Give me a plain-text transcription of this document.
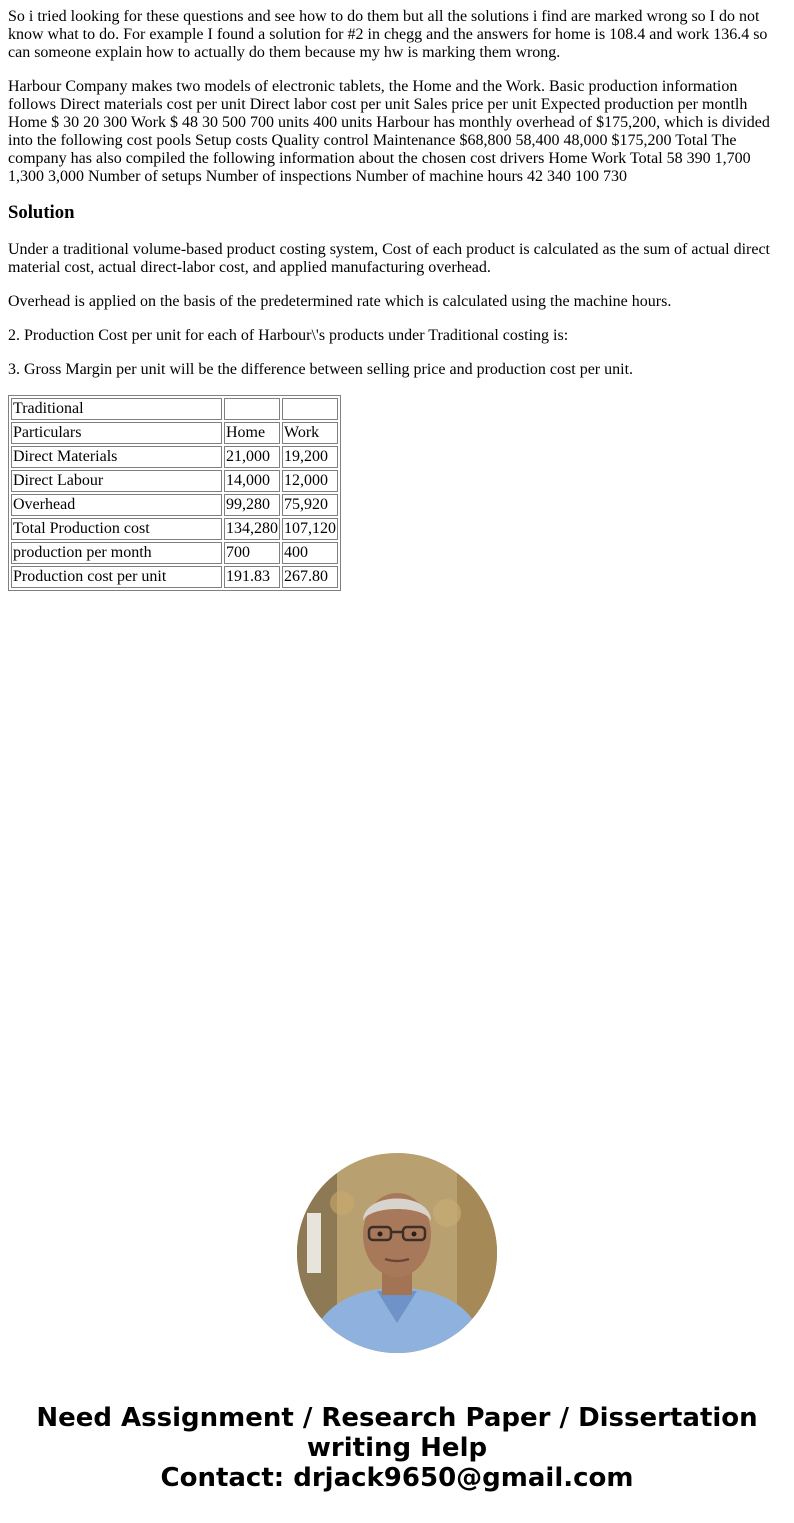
So i tried looking for these questions and see how to do them but all the solutions i find are marked wrong so I do not know what to do. For example I found a solution for #2 in chegg and the answers for home is 108.4 and work 136.4 so can someone explain how to actually do them because my hw is marking them wrong.

Harbour Company makes two models of electronic tablets, the Home and the Work. Basic production information follows Direct materials cost per unit Direct labor cost per unit Sales price per unit Expected production per montlh Home $ 30 20 300 Work $ 48 30 500 700 units 400 units Harbour has monthly overhead of $175,200, which is divided into the following cost pools Setup costs Quality control Maintenance $68,800 58,400 48,000 $175,200 Total The company has also compiled the following information about the chosen cost drivers Home Work Total 58 390 1,700 1,300 3,000 Number of setups Number of inspections Number of machine hours 42 340 100 730

Solution

Under a traditional volume-based product costing system, Cost of each product is calculated as the sum of actual direct material cost, actual direct-labor cost, and applied manufacturing overhead.

Overhead is applied on the basis of the predetermined rate which is calculated using the machine hours.

2. Production Cost per unit for each of Harbour\'s products under Traditional costing is:

3. Gross Margin per unit will be the difference between selling price and production cost per unit.

Traditional		
Particulars	Home	Work
Direct Materials	21,000	19,200
Direct Labour	14,000	12,000
Overhead	99,280	75,920
Total Production cost	134,280	107,120
production per month	700	400
Production cost per unit	191.83	267.80
Need Assignment / Research Paper / Dissertation
writing Help
Contact: drjack9650@gmail.com
